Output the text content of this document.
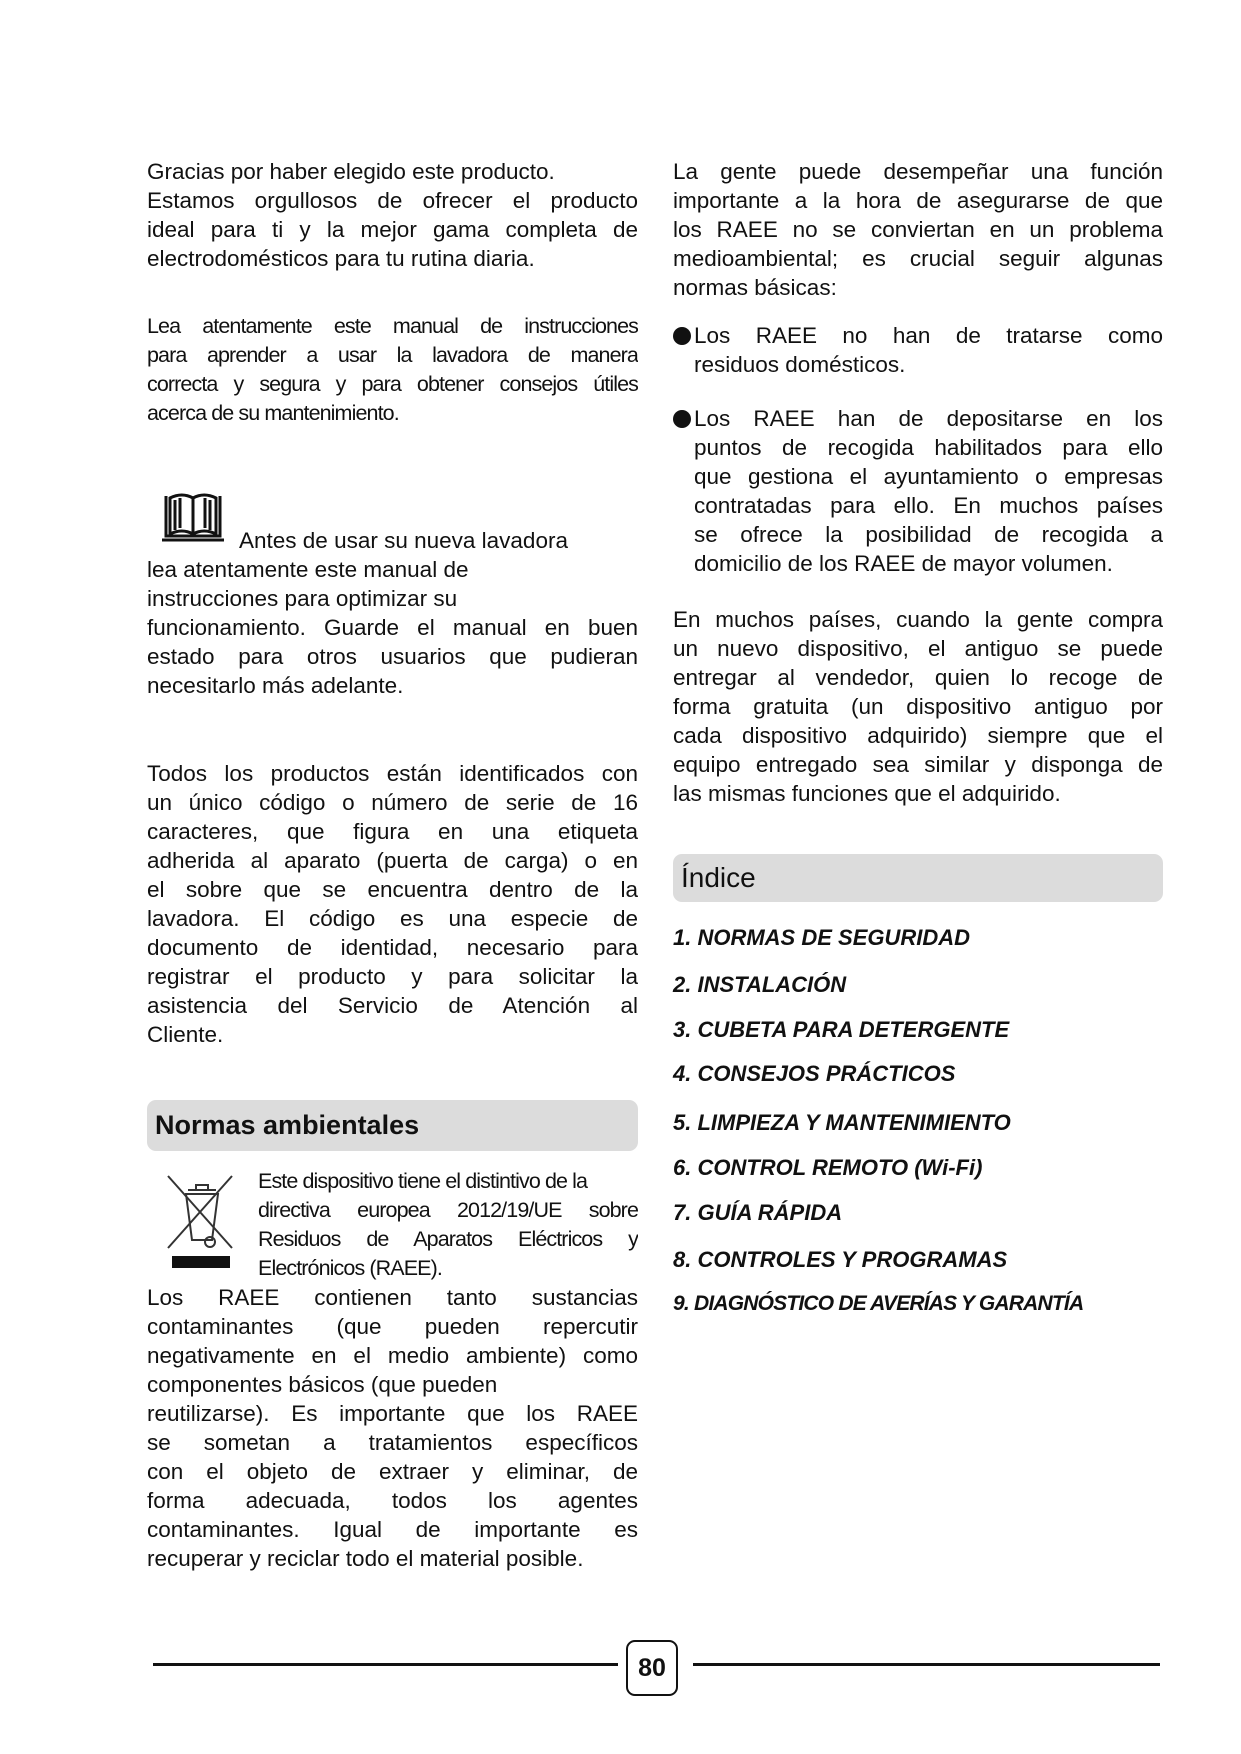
Gracias por haber elegido este producto.
Estamos orgullosos de ofrecer el producto
ideal para ti y la mejor gama completa de
electrodomésticos para tu rutina diaria.
Lea atentamente este manual de instrucciones
para aprender a usar la lavadora de manera
correcta y segura y para obtener consejos útiles
acerca de su mantenimiento.
Antes de usar su nueva lavadora
lea atentamente este manual de
instrucciones para optimizar su
funcionamiento. Guarde el manual en buen
estado para otros usuarios que pudieran
necesitarlo más adelante.
Todos los productos están identificados con
un único código o número de serie de 16
caracteres, que figura en una etiqueta
adherida al aparato (puerta de carga) o en
el sobre que se encuentra dentro de la
lavadora. El código es una especie de
documento de identidad, necesario para
registrar el producto y para solicitar la
asistencia del Servicio de Atención al
Cliente.
Normas ambientales
Este dispositivo tiene el distintivo de la
directiva europea 2012/19/UE sobre
Residuos de Aparatos Eléctricos y
Electrónicos (RAEE).
Los RAEE contienen tanto sustancias
contaminantes (que pueden repercutir
negativamente en el medio ambiente) como
componentes básicos (que pueden
reutilizarse). Es importante que los RAEE
se sometan a tratamientos específicos
con el objeto de extraer y eliminar, de
forma adecuada, todos los agentes
contaminantes. Igual de importante es
recuperar y reciclar todo el material posible.
La gente puede desempeñar una función
importante a la hora de asegurarse de que
los RAEE no se conviertan en un problema
medioambiental; es crucial seguir algunas
normas básicas:
Los RAEE no han de tratarse como
residuos domésticos.
Los RAEE han de depositarse en los
puntos de recogida habilitados para ello
que gestiona el ayuntamiento o empresas
contratadas para ello. En muchos países
se ofrece la posibilidad de recogida a
domicilio de los RAEE de mayor volumen.
En muchos países, cuando la gente compra
un nuevo dispositivo, el antiguo se puede
entregar al vendedor, quien lo recoge de
forma gratuita (un dispositivo antiguo por
cada dispositivo adquirido) siempre que el
equipo entregado sea similar y disponga de
las mismas funciones que el adquirido.
Índice
1. NORMAS DE SEGURIDAD
2. INSTALACIÓN
3. CUBETA PARA DETERGENTE
4. CONSEJOS PRÁCTICOS
5. LIMPIEZA Y MANTENIMIENTO
6. CONTROL REMOTO (Wi-Fi)
7. GUÍA RÁPIDA
8. CONTROLES Y PROGRAMAS
9. DIAGNÓSTICO DE AVERÍAS Y GARANTÍA
80
